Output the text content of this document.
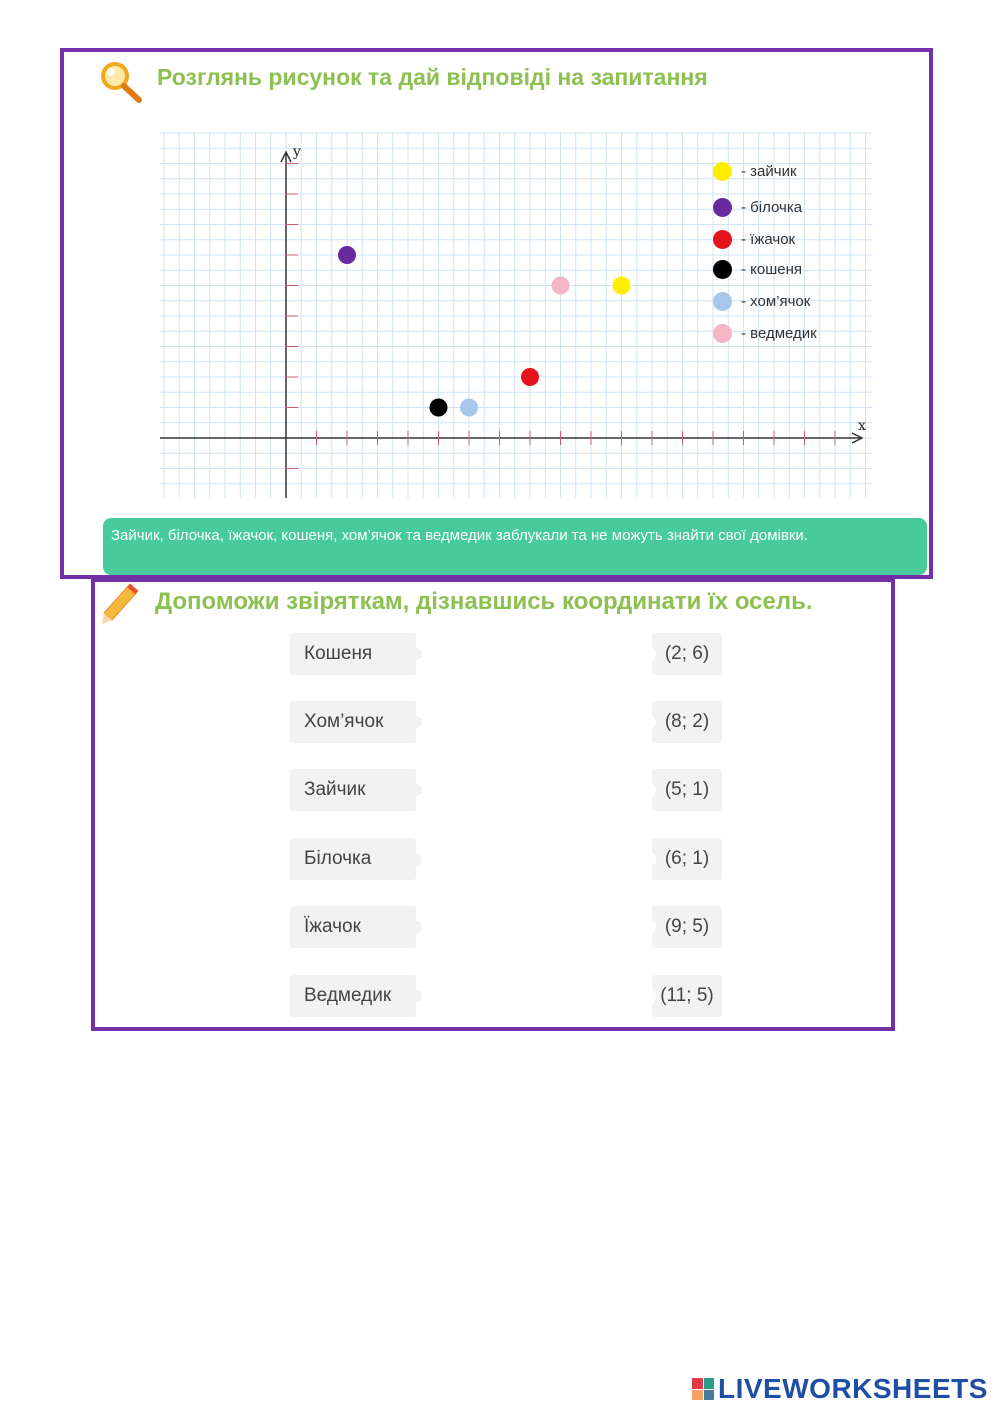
Розглянь рисунок та дай відповіді на запитання
x
y
- зайчик
- білочка
- їжачок
- кошеня
- хом’ячок
- ведмедик
Зайчик, білочка, їжачок, кошеня, хом’ячок та ведмедик заблукали та не можуть знайти свої домівки.
Допоможи звіряткам, дізнавшись координати їх осель.
Кошеня
Хом’ячок
Зайчик
Білочка
Їжачок
Ведмедик
(2; 6)
(8; 2)
(5; 1)
(6; 1)
(9; 5)
(11; 5)
LIVEWORKSHEETS
